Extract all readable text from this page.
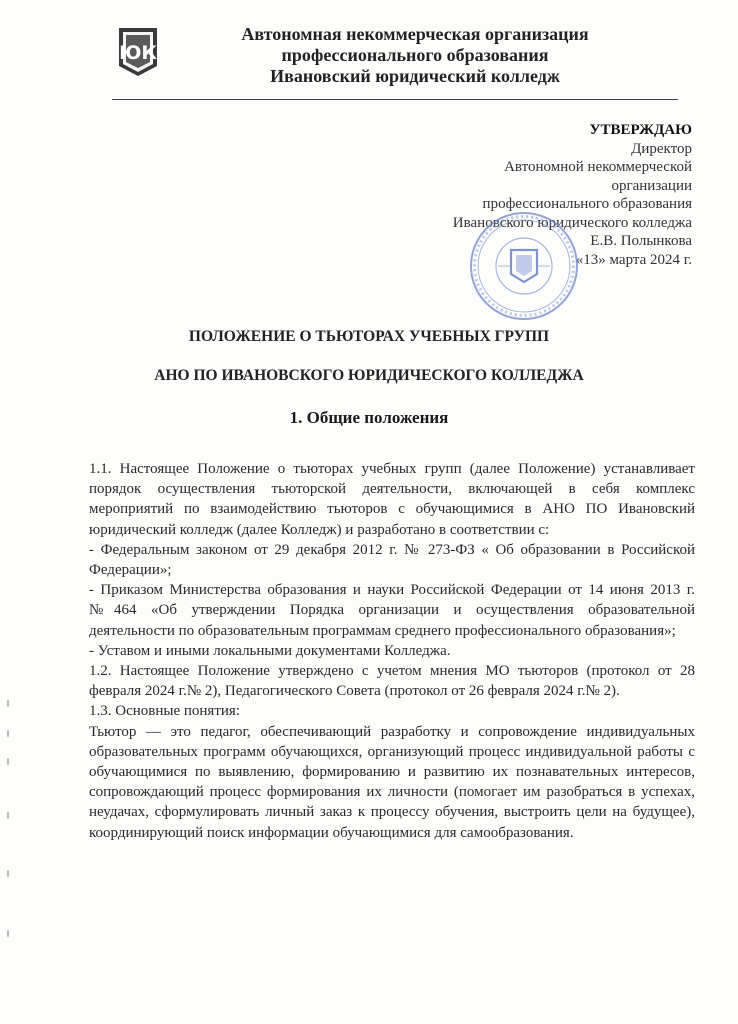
ЮК
Автономная некоммерческая организация
профессионального образования
Ивановский юридический колледж
УТВЕРЖДАЮ
Директор
Автономной некоммерческой
организации
профессионального образования
Ивановского юридического колледжа
Е.В. Полынкова
«13» марта 2024 г.
ПОЛОЖЕНИЕ О ТЬЮТОРАХ УЧЕБНЫХ ГРУПП
АНО ПО ИВАНОВСКОГО ЮРИДИЧЕСКОГО КОЛЛЕДЖА
1. Общие положения

1.1. Настоящее Положение о тьюторах учебных групп (далее Положение) устанавливает порядок осуществления тьюторской деятельности, включающей в себя комплекс мероприятий по взаимодействию тьюторов с обучающимися в АНО ПО Ивановский юридический колледж (далее Колледж) и разработано в соответствии с:

- Федеральным законом от 29 декабря 2012 г. № 273-ФЗ « Об образовании в Российской Федерации»;

- Приказом Министерства образования и науки Российской Федерации от 14 июня 2013 г. №464 «Об утверждении Порядка организации и осуществления образовательной деятельности по образовательным программам среднего профессионального образования»;

- Уставом и иными локальными документами Колледжа.

1.2. Настоящее Положение утверждено с учетом мнения МО тьюторов (протокол от 28 февраля 2024 г.№ 2), Педагогического Совета (протокол от 26 февраля 2024 г.№ 2).

1.3. Основные понятия:

Тьютор — это педагог, обеспечивающий разработку и сопровождение индивидуальных образовательных программ обучающихся, организующий процесс индивидуальной работы с обучающимися по выявлению, формированию и развитию их познавательных интересов, сопровождающий процесс формирования их личности (помогает им разобраться в успехах, неудачах, сформулировать личный заказ к процессу обучения, выстроить цели на будущее), координирующий поиск информации обучающимися для самообразования.
